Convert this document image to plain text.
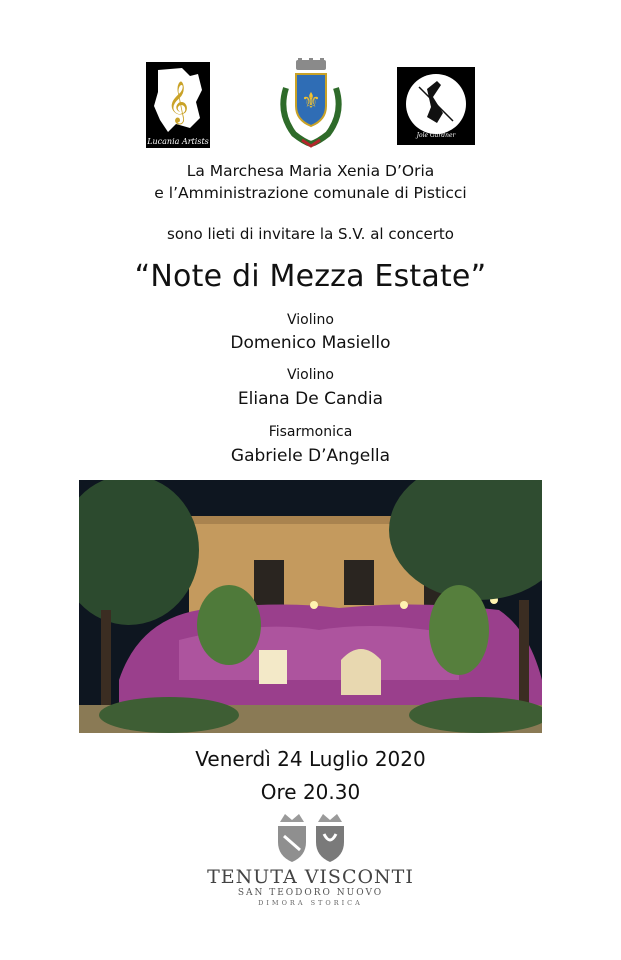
𝄞
Lucania Artists
⚜
Jole Gardner
La Marchesa Maria Xenia D’Oria
e l’Amministrazione comunale di Pisticci
sono lieti di invitare la S.V. al concerto
“Note di Mezza Estate”
Violino
Domenico Masiello
Violino
Eliana De Candia
Fisarmonica
Gabriele D’Angella
Venerdì 24 Luglio 2020
Ore 20.30
TENUTA VISCONTI
SAN TEODORO NUOVO
DIMORA STORICA
